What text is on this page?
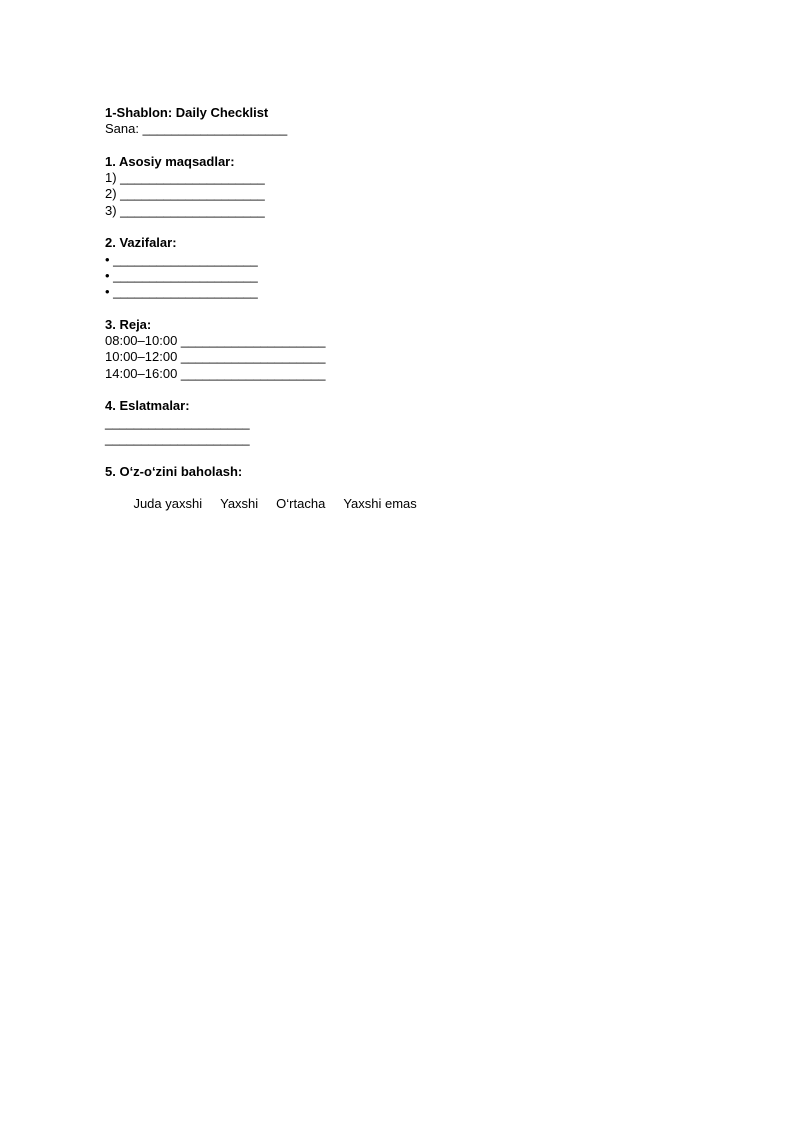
1-Shablon: Daily Checklist
Sana: ____________________
1. Asosiy maqsadlar:
1) ____________________
2) ____________________
3) ____________________
2. Vazifalar:
• ____________________
• ____________________
• ____________________
3. Reja:
08:00–10:00 ____________________
10:00–12:00 ____________________
14:00–16:00 ____________________
4. Eslatmalar:
____________________
____________________
5. O‘z-o‘zini baholash:

Juda yaxshi Yaxshi O‘rtacha Yaxshi emas
